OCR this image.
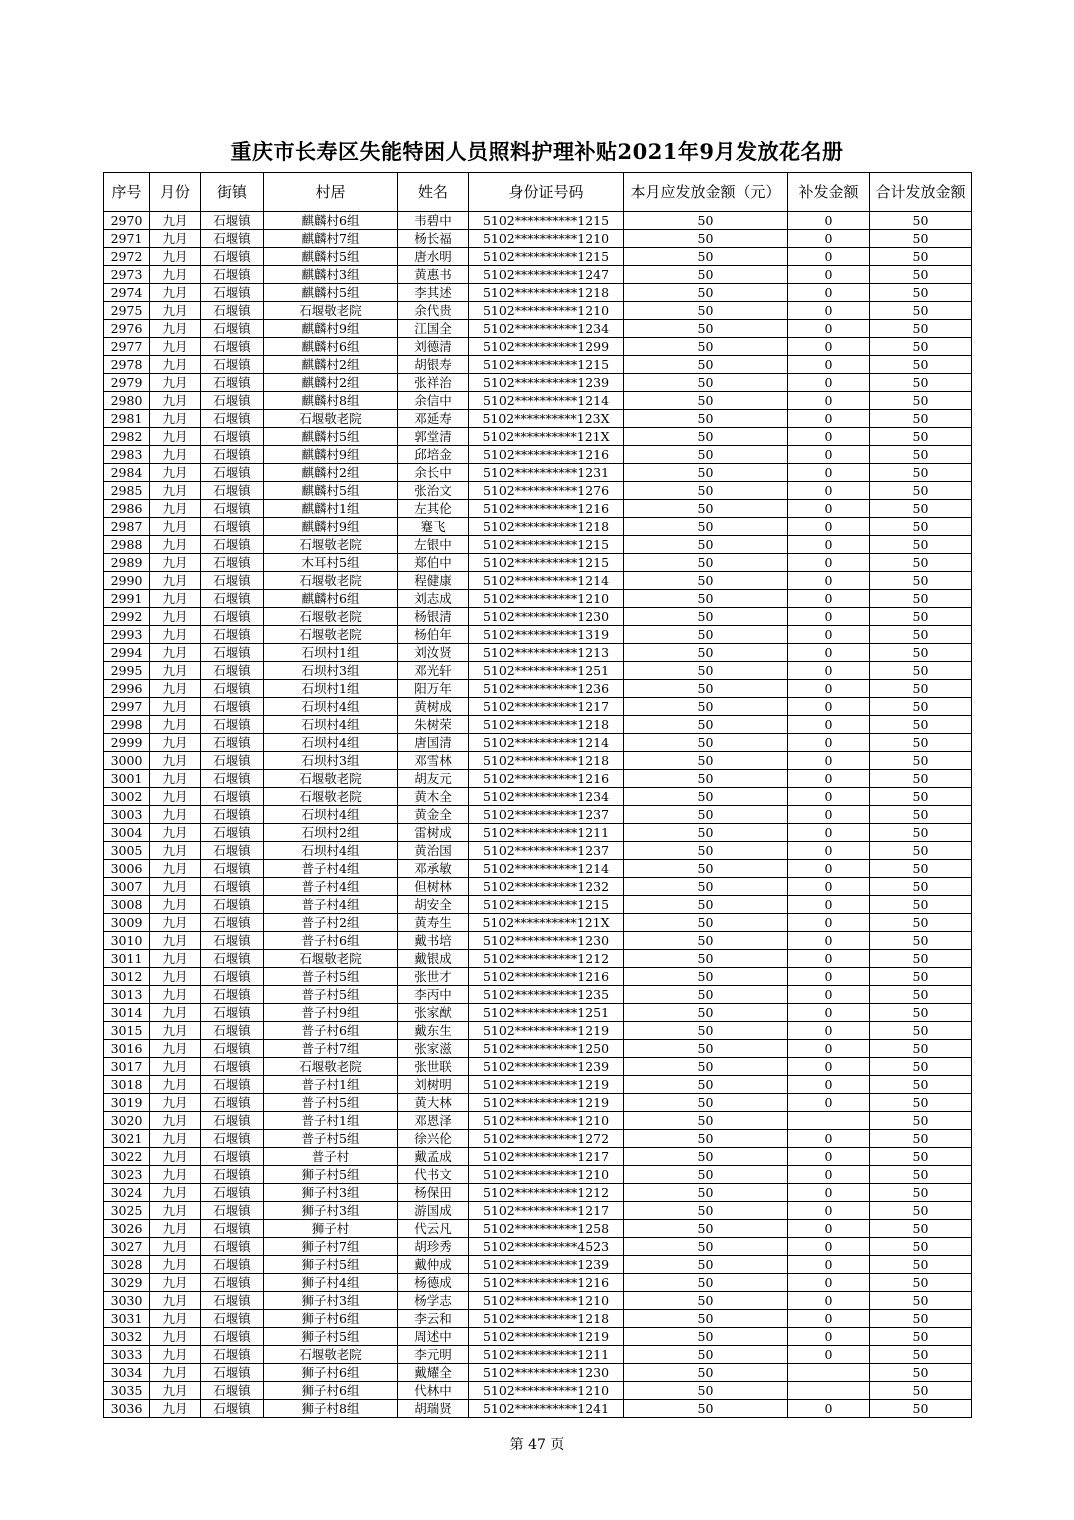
重庆市长寿区失能特困人员照料护理补贴2021年9月发放花名册
序号	月份	街镇	村居	姓名	身份证号码	本月应发放金额（元）	补发金额	合计发放金额
2970	九月	石堰镇	麒麟村6组	韦碧中	5102**********1215	50	0	50
2971	九月	石堰镇	麒麟村7组	杨长福	5102**********1210	50	0	50
2972	九月	石堰镇	麒麟村5组	唐水明	5102**********1215	50	0	50
2973	九月	石堰镇	麒麟村3组	黄惠书	5102**********1247	50	0	50
2974	九月	石堰镇	麒麟村5组	李其述	5102**********1218	50	0	50
2975	九月	石堰镇	石堰敬老院	余代贵	5102**********1210	50	0	50
2976	九月	石堰镇	麒麟村9组	江国全	5102**********1234	50	0	50
2977	九月	石堰镇	麒麟村6组	刘德清	5102**********1299	50	0	50
2978	九月	石堰镇	麒麟村2组	胡银寿	5102**********1215	50	0	50
2979	九月	石堰镇	麒麟村2组	张祥治	5102**********1239	50	0	50
2980	九月	石堰镇	麒麟村8组	余信中	5102**********1214	50	0	50
2981	九月	石堰镇	石堰敬老院	邓延寿	5102**********123X	50	0	50
2982	九月	石堰镇	麒麟村5组	郭堂清	5102**********121X	50	0	50
2983	九月	石堰镇	麒麟村9组	邱培金	5102**********1216	50	0	50
2984	九月	石堰镇	麒麟村2组	余长中	5102**********1231	50	0	50
2985	九月	石堰镇	麒麟村5组	张治文	5102**********1276	50	0	50
2986	九月	石堰镇	麒麟村1组	左其伦	5102**********1216	50	0	50
2987	九月	石堰镇	麒麟村9组	蹇飞	5102**********1218	50	0	50
2988	九月	石堰镇	石堰敬老院	左银中	5102**********1215	50	0	50
2989	九月	石堰镇	木耳村5组	郑伯中	5102**********1215	50	0	50
2990	九月	石堰镇	石堰敬老院	程健康	5102**********1214	50	0	50
2991	九月	石堰镇	麒麟村6组	刘志成	5102**********1210	50	0	50
2992	九月	石堰镇	石堰敬老院	杨银清	5102**********1230	50	0	50
2993	九月	石堰镇	石堰敬老院	杨伯年	5102**********1319	50	0	50
2994	九月	石堰镇	石坝村1组	刘汝贤	5102**********1213	50	0	50
2995	九月	石堰镇	石坝村3组	邓光轩	5102**********1251	50	0	50
2996	九月	石堰镇	石坝村1组	阳万年	5102**********1236	50	0	50
2997	九月	石堰镇	石坝村4组	黄树成	5102**********1217	50	0	50
2998	九月	石堰镇	石坝村4组	朱树荣	5102**********1218	50	0	50
2999	九月	石堰镇	石坝村4组	唐国清	5102**********1214	50	0	50
3000	九月	石堰镇	石坝村3组	邓雪林	5102**********1218	50	0	50
3001	九月	石堰镇	石堰敬老院	胡友元	5102**********1216	50	0	50
3002	九月	石堰镇	石堰敬老院	黄木全	5102**********1234	50	0	50
3003	九月	石堰镇	石坝村4组	黄金全	5102**********1237	50	0	50
3004	九月	石堰镇	石坝村2组	雷树成	5102**********1211	50	0	50
3005	九月	石堰镇	石坝村4组	黄治国	5102**********1237	50	0	50
3006	九月	石堰镇	普子村4组	邓承敏	5102**********1214	50	0	50
3007	九月	石堰镇	普子村4组	但树林	5102**********1232	50	0	50
3008	九月	石堰镇	普子村4组	胡安全	5102**********1215	50	0	50
3009	九月	石堰镇	普子村2组	黄寿生	5102**********121X	50	0	50
3010	九月	石堰镇	普子村6组	戴书培	5102**********1230	50	0	50
3011	九月	石堰镇	石堰敬老院	戴银成	5102**********1212	50	0	50
3012	九月	石堰镇	普子村5组	张世才	5102**********1216	50	0	50
3013	九月	石堰镇	普子村5组	李丙中	5102**********1235	50	0	50
3014	九月	石堰镇	普子村9组	张家猷	5102**********1251	50	0	50
3015	九月	石堰镇	普子村6组	戴东生	5102**********1219	50	0	50
3016	九月	石堰镇	普子村7组	张家滋	5102**********1250	50	0	50
3017	九月	石堰镇	石堰敬老院	张世联	5102**********1239	50	0	50
3018	九月	石堰镇	普子村1组	刘树明	5102**********1219	50	0	50
3019	九月	石堰镇	普子村5组	黄大林	5102**********1219	50	0	50
3020	九月	石堰镇	普子村1组	邓恩泽	5102**********1210	50		50
3021	九月	石堰镇	普子村5组	徐兴伦	5102**********1272	50	0	50
3022	九月	石堰镇	普子村	戴孟成	5102**********1217	50	0	50
3023	九月	石堰镇	狮子村5组	代书文	5102**********1210	50	0	50
3024	九月	石堰镇	狮子村3组	杨保田	5102**********1212	50	0	50
3025	九月	石堰镇	狮子村3组	游国成	5102**********1217	50	0	50
3026	九月	石堰镇	狮子村	代云凡	5102**********1258	50	0	50
3027	九月	石堰镇	狮子村7组	胡珍秀	5102**********4523	50	0	50
3028	九月	石堰镇	狮子村5组	戴仲成	5102**********1239	50	0	50
3029	九月	石堰镇	狮子村4组	杨德成	5102**********1216	50	0	50
3030	九月	石堰镇	狮子村3组	杨学志	5102**********1210	50	0	50
3031	九月	石堰镇	狮子村6组	李云和	5102**********1218	50	0	50
3032	九月	石堰镇	狮子村5组	周述中	5102**********1219	50	0	50
3033	九月	石堰镇	石堰敬老院	李元明	5102**********1211	50	0	50
3034	九月	石堰镇	狮子村6组	戴耀全	5102**********1230	50		50
3035	九月	石堰镇	狮子村6组	代林中	5102**********1210	50		50
3036	九月	石堰镇	狮子村8组	胡瑞贤	5102**********1241	50	0	50
第 47 页
